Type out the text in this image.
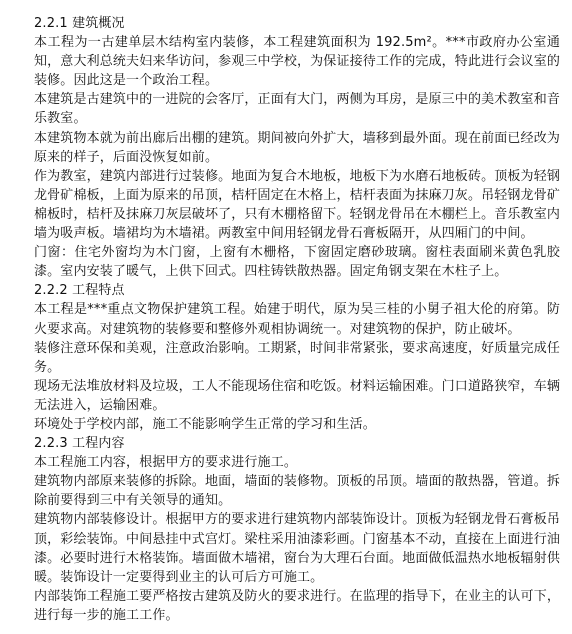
2.2.1 建筑概况

本工程为一古建单层木结构室内装修，本工程建筑面积为 192.5m²。***市政府办公室通知，意大利总统夫妇来华访问，参观三中学校，为保证接待工作的完成，特此进行会议室的装修。因此这是一个政治工程。

本建筑是古建筑中的一进院的会客厅，正面有大门，两侧为耳房，是原三中的美术教室和音乐教室。

本建筑物本就为前出廊后出棚的建筑。期间被向外扩大，墙移到最外面。现在前面已经改为原来的样子，后面没恢复如前。

作为教室，建筑内部进行过装修。地面为复合木地板，地板下为水磨石地板砖。顶板为轻钢龙骨矿棉板，上面为原来的吊顶，桔杆固定在木格上，桔杆表面为抹麻刀灰。吊轻钢龙骨矿棉板时，桔杆及抹麻刀灰层破坏了，只有木棚格留下。轻钢龙骨吊在木棚栏上。音乐教室内墙为吸声板。墙裙均为木墙裙。两教室中间用轻钢龙骨石膏板隔开，从四厢门的中间。

门窗：住宅外窗均为木门窗，上窗有木栅格，下窗固定磨砂玻璃。窗柱表面刷米黄色乳胶漆。室内安装了暖气，上供下回式。四柱铸铁散热器。固定角钢支架在木柱子上。

2.2.2 工程特点

本工程是***重点文物保护建筑工程。始建于明代，原为吴三桂的小舅子祖大伦的府第。防火要求高。对建筑物的装修要和整修外观相协调统一。对建筑物的保护，防止破坏。

装修注意环保和美观，注意政治影响。工期紧，时间非常紧张，要求高速度，好质量完成任务。

现场无法堆放材料及垃圾，工人不能现场住宿和吃饭。材料运输困难。门口道路狭窄，车辆无法进入，运输困难。

环境处于学校内部，施工不能影响学生正常的学习和生活。

2.2.3 工程内容

本工程施工内容，根据甲方的要求进行施工。

建筑物内部原来装修的拆除。地面，墙面的装修物。顶板的吊顶。墙面的散热器，管道。拆除前要得到三中有关领导的通知。

建筑物内部装修设计。根据甲方的要求进行建筑物内部装饰设计。顶板为轻钢龙骨石膏板吊顶，彩绘装饰。中间悬挂中式宫灯。梁柱采用油漆彩画。门窗基本不动，直接在上面进行油漆。必要时进行木格装饰。墙面做木墙裙，窗台为大理石台面。地面做低温热水地板辐射供暖。装饰设计一定要得到业主的认可后方可施工。

内部装饰工程施工要严格按古建筑及防火的要求进行。在监理的指导下，在业主的认可下，进行每一步的施工工作。
